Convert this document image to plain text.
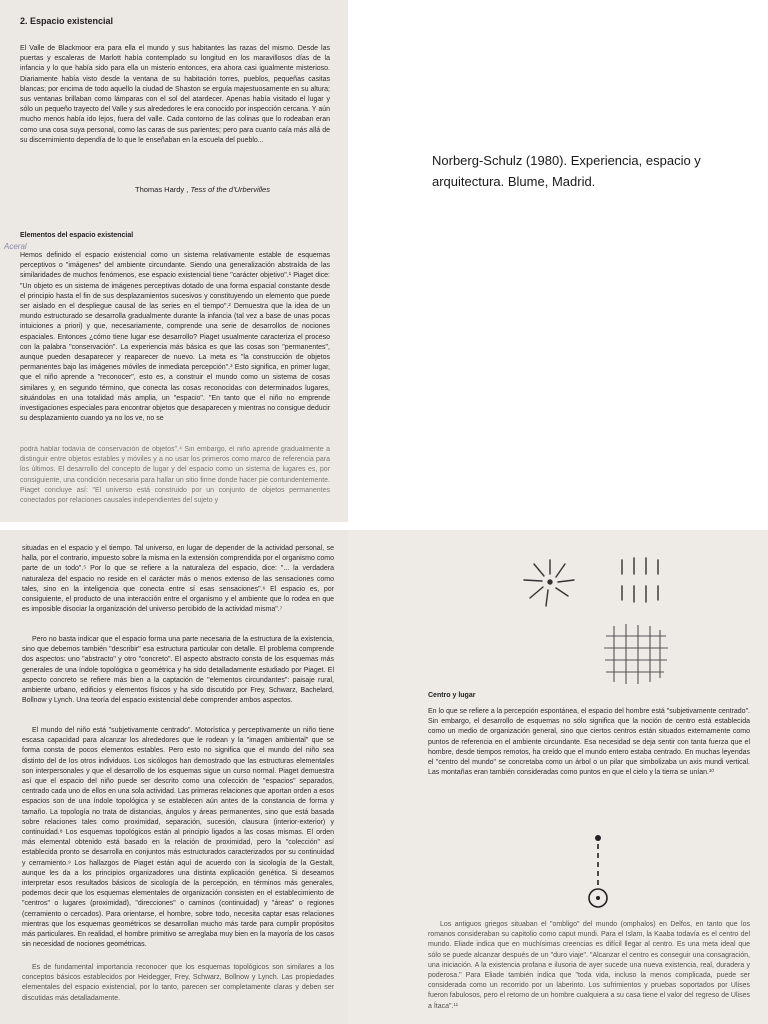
2. Espacio existencial

El Valle de Blackmoor era para ella el mundo y sus habitantes las razas del mismo. Desde las puertas y escaleras de Marlott había contemplado su longitud en los maravillosos días de la infancia y lo que había sido para ella un misterio entonces, era ahora casi igualmente misterioso. Diariamente había visto desde la ventana de su habitación torres, pueblos, pequeñas casitas blancas; por encima de todo aquello la ciudad de Shaston se erguía majestuosamente en su altura; sus ventanas brillaban como lámparas con el sol del atardecer. Apenas había visitado el lugar y sólo un pequeño trayecto del Valle y sus alrededores le era conocido por inspección cercana. Y aún mucho menos había ido lejos, fuera del valle. Cada contorno de las colinas que lo rodeaban eran como una cosa suya personal, como las caras de sus parientes; pero para cuanto caía más allá de su discernimiento dependía de lo que le enseñaban en la escuela del pueblo...

Thomas Hardy , Tess of the d'Urbervilles
Elementos del espacio existencial
Aceral

Hemos definido el espacio existencial como un sistema relativamente estable de esquemas perceptivos o "imágenes" del ambiente circundante. Siendo una generalización abstraída de las similaridades de muchos fenómenos, ese espacio existencial tiene "carácter objetivo".¹ Piaget dice: "Un objeto es un sistema de imágenes perceptivas dotado de una forma espacial constante desde el principio hasta el fin de sus desplazamientos sucesivos y constituyendo un elemento que puede ser aislado en el despliegue causal de las series en el tiempo".² Demuestra que la idea de un mundo estructurado se desarrolla gradualmente durante la infancia (tal vez a base de unas pocas intuiciones a priori) y que, necesariamente, comprende una serie de desarrollos de nociones espaciales. Entonces ¿cómo tiene lugar ese desarrollo? Piaget usualmente caracteriza el proceso con la palabra "conservación". La experiencia más básica es que las cosas son "permanentes", aunque pueden desaparecer y reaparecer de nuevo. La meta es "la construcción de objetos permanentes bajo las imágenes móviles de inmediata percepción".³ Esto significa, en primer lugar, que el niño aprende a "reconocer", esto es, a construir el mundo como un sistema de cosas similares y, en segundo término, que conecta las cosas reconocidas con determinados lugares, situándolas en una totalidad más amplia, un "espacio". "En tanto que el niño no emprende investigaciones especiales para encontrar objetos que desaparecen y mientras no consigue deducir su desplazamiento cuando ya no los ve, no se

podrá hablar todavía de conservación de objetos".⁴ Sin embargo, el niño aprende gradualmente a distinguir entre objetos estables y móviles y a no usar los primeros como marco de referencia para los últimos. El desarrollo del concepto de lugar y del espacio como un sistema de lugares es, por consiguiente, una condición necesaria para hallar un sitio firme donde hacer pie contundentemente. Piaget concluye así: "El universo está construido por un conjunto de objetos permanentes conectados por relaciones causales independientes del sujeto y

Norberg-Schulz (1980). Experiencia, espacio y arquitectura. Blume, Madrid.

situadas en el espacio y el tiempo. Tal universo, en lugar de depender de la actividad personal, se halla, por el contrario, impuesto sobre la misma en la extensión comprendida por el organismo como parte de un todo".⁵ Por lo que se refiere a la naturaleza del espacio, dice: "... la verdadera naturaleza del espacio no reside en el carácter más o menos extenso de las sensaciones como tales, sino en la inteligencia que conecta entre sí esas sensaciones".⁶ El espacio es, por consiguiente, el producto de una interacción entre el organismo y el ambiente que lo rodea en que es imposible disociar la organización del universo percibido de la actividad misma".⁷

Pero no basta indicar que el espacio forma una parte necesaria de la estructura de la existencia, sino que debemos también "describir" esa estructura particular con detalle. El problema comprende dos aspectos: uno "abstracto" y otro "concreto". El aspecto abstracto consta de los esquemas más generales de una índole topológica o geométrica y ha sido detalladamente estudiado por Piaget. El aspecto concreto se refiere más bien a la captación de "elementos circundantes": paisaje rural, ambiente urbano, edificios y elementos físicos y ha sido discutido por Frey, Schwarz, Bachelard, Bollnow y Lynch. Una teoría del espacio existencial debe comprender ambos aspectos.

El mundo del niño está "subjetivamente centrado". Motorística y perceptivamente un niño tiene escasa capacidad para alcanzar los alrededores que le rodean y la "imagen ambiental" que se forma consta de pocos elementos estables. Pero esto no significa que el mundo del niño sea distinto del de los otros individuos. Los sicólogos han demostrado que las estructuras elementales son interpersonales y que el desarrollo de los esquemas sigue un curso normal. Piaget demuestra así que el espacio del niño puede ser descrito como una colección de "espacios" separados, centrado cada uno de ellos en una sola actividad. Las primeras relaciones que aportan orden a esos espacios son de una índole topológica y se establecen aún antes de la constancia de forma y tamaño. La topología no trata de distancias, ángulos y áreas permanentes, sino que está basada sobre relaciones tales como proximidad, separación, sucesión, clausura (interior-exterior) y continuidad.⁸ Los esquemas topológicos están al principio ligados a las cosas mismas. El orden más elemental obtenido está basado en la relación de proximidad, pero la "colección" así establecida pronto se desarrolla en conjuntos más estructurados caracterizados por su continuidad y cerramiento.⁹ Los hallazgos de Piaget están aquí de acuerdo con la sicología de la Gestalt, aunque les da a los principios organizadores una distinta explicación genética. Si deseamos interpretar esos resultados básicos de sicología de la percepción, en términos más generales, podemos decir que los esquemas elementales de organización consisten en el establecimiento de "centros" o lugares (proximidad), "direcciones" o caminos (continuidad) y "áreas" o regiones (cerramiento o cercados). Para orientarse, el hombre, sobre todo, necesita captar esas relaciones mientras que los esquemas geométricos se desarrollan mucho más tarde para cumplir propósitos más particulares. En realidad, el hombre primitivo se arreglaba muy bien en la mayoría de los casos sin necesidad de nociones geométricas.

Es de fundamental importancia reconocer que los esquemas topológicos son similares a los conceptos básicos establecidos por Heidegger, Frey, Schwarz, Bollnow y Lynch. Las propiedades elementales del espacio existencial, por lo tanto, parecen ser completamente claras y deben ser discutidas más detalladamente.

Centro y lugar

En lo que se refiere a la percepción espontánea, el espacio del hombre está "subjetivamente centrado". Sin embargo, el desarrollo de esquemas no sólo significa que la noción de centro está establecida como un medio de organización general, sino que ciertos centros están situados externamente como puntos de referencia en el ambiente circundante. Esa necesidad se deja sentir con tanta fuerza que el hombre, desde tiempos remotos, ha creído que el mundo entero estaba centrado. En muchas leyendas el "centro del mundo" se concretaba como un árbol o un pilar que simbolizaba un axis mundi vertical. Las montañas eran también consideradas como puntos en que el cielo y la tierra se unían.¹⁰

Los antiguos griegos situaban el "ombligo" del mundo (omphalos) en Delfos, en tanto que los romanos consideraban su capitolio como caput mundi. Para el Islam, la Kaaba todavía es el centro del mundo. Eliade indica que en muchísimas creencias es difícil llegar al centro. Es una meta ideal que sólo se puede alcanzar después de un "duro viaje". "Alcanzar el centro es conseguir una consagración, una iniciación. A la existencia profana e ilusoria de ayer sucede una nueva existencia, real, duradera y poderosa." Para Eliade también indica que "toda vida, incluso la menos complicada, puede ser considerada como un recorrido por un laberinto. Los sufrimientos y pruebas soportados por Ulises fueron fabulosos, pero el retorno de un hombre cualquiera a su casa tiene el valor del regreso de Ulises a Ítaca".¹¹
